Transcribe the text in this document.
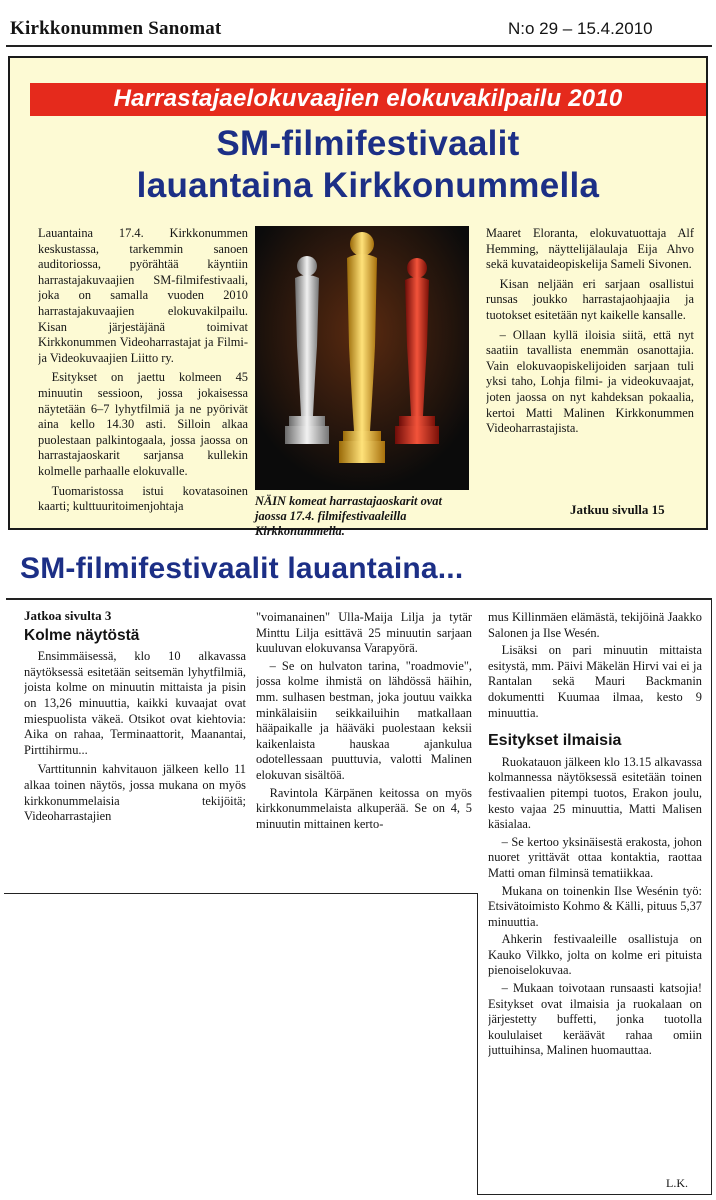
Kirkkonummen Sanomat	N:o 29 – 15.4.2010
Harrastajaelokuvaajien elokuvakilpailu 2010
SM-filmifestivaalit
lauantaina Kirkkonummella

Lauantaina 17.4. Kirkkonummen keskustassa, tarkemmin sanoen auditoriossa, pyörähtää käyntiin harrastajakuvaajien SM-filmifestivaali, joka on samalla vuoden 2010 harrastajakuvaajien elokuvakilpailu. Kisan järjestäjänä toimivat Kirkkonummen Videoharrastajat ja Filmi- ja Videokuvaajien Liitto ry.

Esitykset on jaettu kolmeen 45 minuutin sessioon, jossa jokaisessa näytetään 6–7 lyhytfilmiä ja ne pyörivät aina kello 14.30 asti. Silloin alkaa puolestaan palkintogaala, jossa jaossa on harrastajaoskarit sarjansa kullekin kolmelle parhaalle elokuvalle.

Tuomaristossa istui kovatasoinen kaarti; kulttuuritoimenjohtaja	NÄIN komeat harrastajaoskarit ovat jaossa 17.4. filmifestivaaleilla Kirkkonummella.

Maaret Eloranta, elokuvatuottaja Alf Hemming, näyttelijälaulaja Eija Ahvo sekä kuvataideopiskelija Sameli Sivonen.

Kisan neljään eri sarjaan osallistui runsas joukko harrastajaohjaajia ja tuotokset esitetään nyt kaikelle kansalle.

– Ollaan kyllä iloisia siitä, että nyt saatiin tavallista enemmän osanottajia. Vain elokuvaopiskelijoiden sarjaan tuli yksi taho, Lohja filmi- ja videokuvaajat, joten jaossa on nyt kahdeksan pokaalia, kertoi Matti Malinen Kirkkonummen Videoharrastajista.

Jatkuu sivulla 15
SM-filmifestivaalit lauantaina...
Jatkoa sivulta 3
Kolme näytöstä

Ensimmäisessä, klo 10 alkavassa näytöksessä esitetään seitsemän lyhytfilmiä, joista kolme on minuutin mittaista ja pisin on 13,26 minuuttia, kaikki kuvaajat ovat miespuolista väkeä. Otsikot ovat kiehtovia: Aika on rahaa, Terminaattorit, Maanantai, Pirttihirmu...

Varttitunnin kahvitauon jälkeen kello 11 alkaa toinen näytös, jossa mukana on myös kirkkonummelaisia tekijöitä; Videoharrastajien

"voimanainen" Ulla-Maija Lilja ja tytär Minttu Lilja esittävä 25 minuutin sarjaan kuuluvan elokuvansa Varapyörä.

– Se on hulvaton tarina, "roadmovie", jossa kolme ihmistä on lähdössä häihin, mm. sulhasen bestman, joka joutuu vaikka minkälaisiin seikkailuihin matkallaan hääpaikalle ja hääväki puolestaan keksii kaikenlaista hauskaa ajankulua odotellessaan puuttuvia, valotti Malinen elokuvan sisältöä.

Ravintola Kärpänen keitossa on myös kirkkonummelaista alkuperää. Se on 4, 5 minuutin mittainen kerto-

mus Killinmäen elämästä, tekijöinä Jaakko Salonen ja Ilse Wesén.

Lisäksi on pari minuutin mittaista esitystä, mm. Päivi Mäkelän Hirvi vai ei ja Rantalan sekä Mauri Backmanin dokumentti Kuumaa ilmaa, kesto 9 minuuttia.

Esitykset ilmaisia

Ruokatauon jälkeen klo 13.15 alkavassa kolmannessa näytöksessä esitetään toinen festivaalien pitempi tuotos, Erakon joulu, kesto vajaa 25 minuuttia, Matti Malisen käsialaa.

– Se kertoo yksinäisestä erakosta, johon nuoret yrittävät ottaa kontaktia, raottaa Matti oman filminsä tematiikkaa.

Mukana on toinenkin Ilse Wesénin työ: Etsivätoimisto Kohmo & Källi, pituus 5,37 minuuttia.

Ahkerin festivaaleille osallistuja on Kauko Vilkko, jolta on kolme eri pituista pienoiselokuvaa.

– Mukaan toivotaan runsaasti katsojia! Esitykset ovat ilmaisia ja ruokalaan on järjestetty buffetti, jonka tuotolla koululaiset keräävät rahaa omiin juttuihinsa, Malinen huomauttaa.

L.K.
